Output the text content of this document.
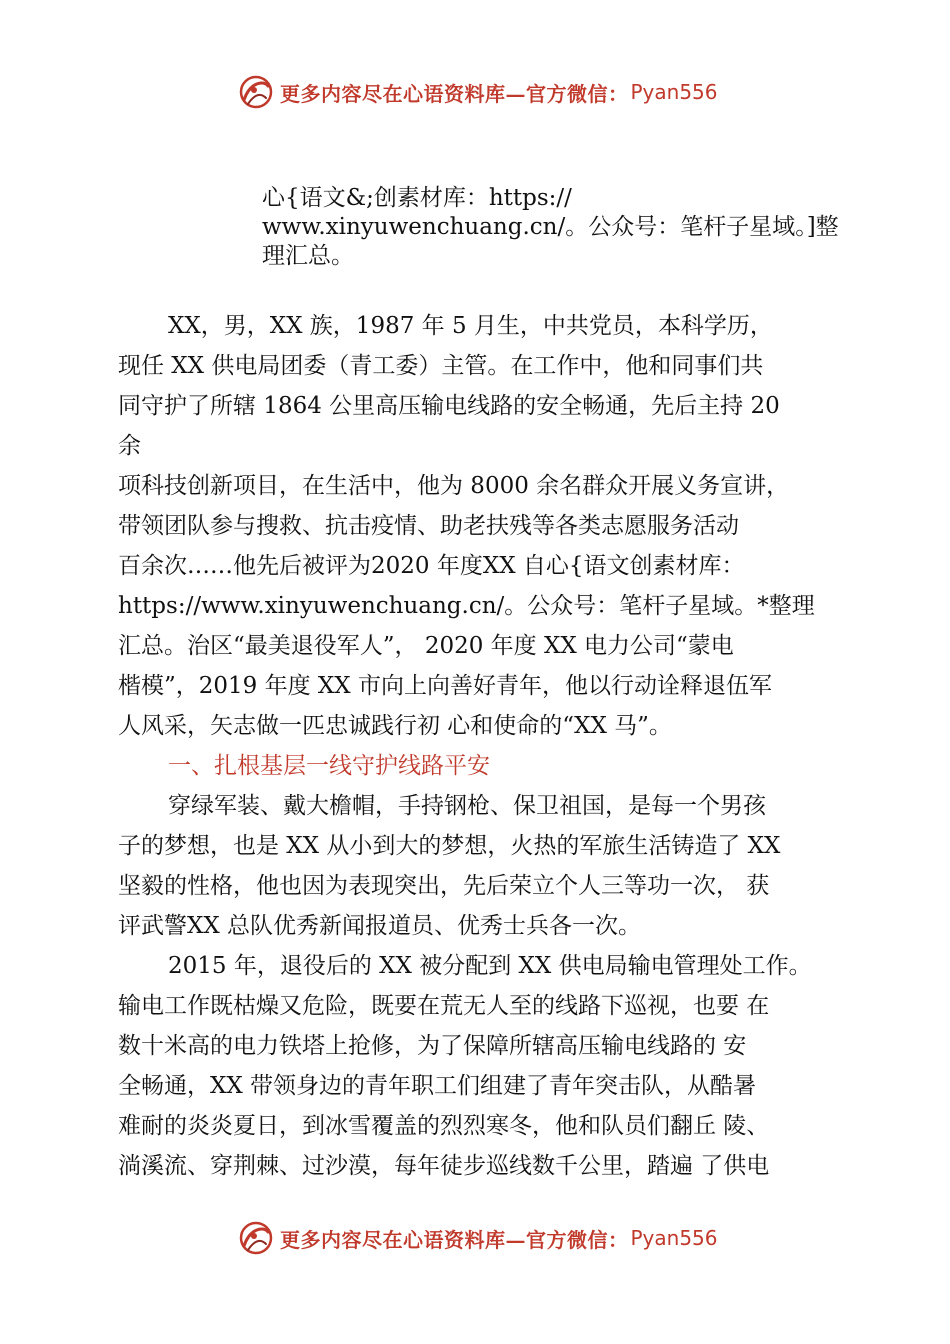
更多内容尽在心语资料库—官方微信： Pyan556
心{语文&;创素材库：https://
www.xinyuwenchuang.cn/。公众号：笔杆子星域。]整
理汇总。
XX，男，XX 族，1987 年 5 月生，中共党员，本科学历，
现任 XX 供电局团委（青工委）主管。在工作中，他和同事们共
同守护了所辖 1864 公里高压输电线路的安全畅通，先后主持 20
余
项科技创新项目，在生活中，他为 8000 余名群众开展义务宣讲，
带领团队参与搜救、抗击疫情、助老扶残等各类志愿服务活动
百余次……他先后被评为2020 年度XX 自心{语文创素材库：
https://www.xinyuwenchuang.cn/。公众号：笔杆子星域。*整理
汇总。治区“最美退役军人”， 2020 年度 XX 电力公司“蒙电
楷模”，2019 年度 XX 市向上向善好青年，他以行动诠释退伍军
人风采，矢志做一匹忠诚践行初 心和使命的“XX 马”。
一、扎根基层一线守护线路平安
穿绿军装、戴大檐帽，手持钢枪、保卫祖国，是每一个男孩
子的梦想，也是 XX 从小到大的梦想，火热的军旅生活铸造了 XX
坚毅的性格，他也因为表现突出，先后荣立个人三等功一次， 获
评武警XX 总队优秀新闻报道员、优秀士兵各一次。
2015 年，退役后的 XX 被分配到 XX 供电局输电管理处工作。
输电工作既枯燥又危险，既要在荒无人至的线路下巡视，也要 在
数十米高的电力铁塔上抢修，为了保障所辖高压输电线路的 安
全畅通，XX 带领身边的青年职工们组建了青年突击队，从酷暑
难耐的炎炎夏日，到冰雪覆盖的烈烈寒冬，他和队员们翻丘 陵、
淌溪流、穿荆棘、过沙漠，每年徒步巡线数千公里，踏遍 了供电
更多内容尽在心语资料库—官方微信： Pyan556
